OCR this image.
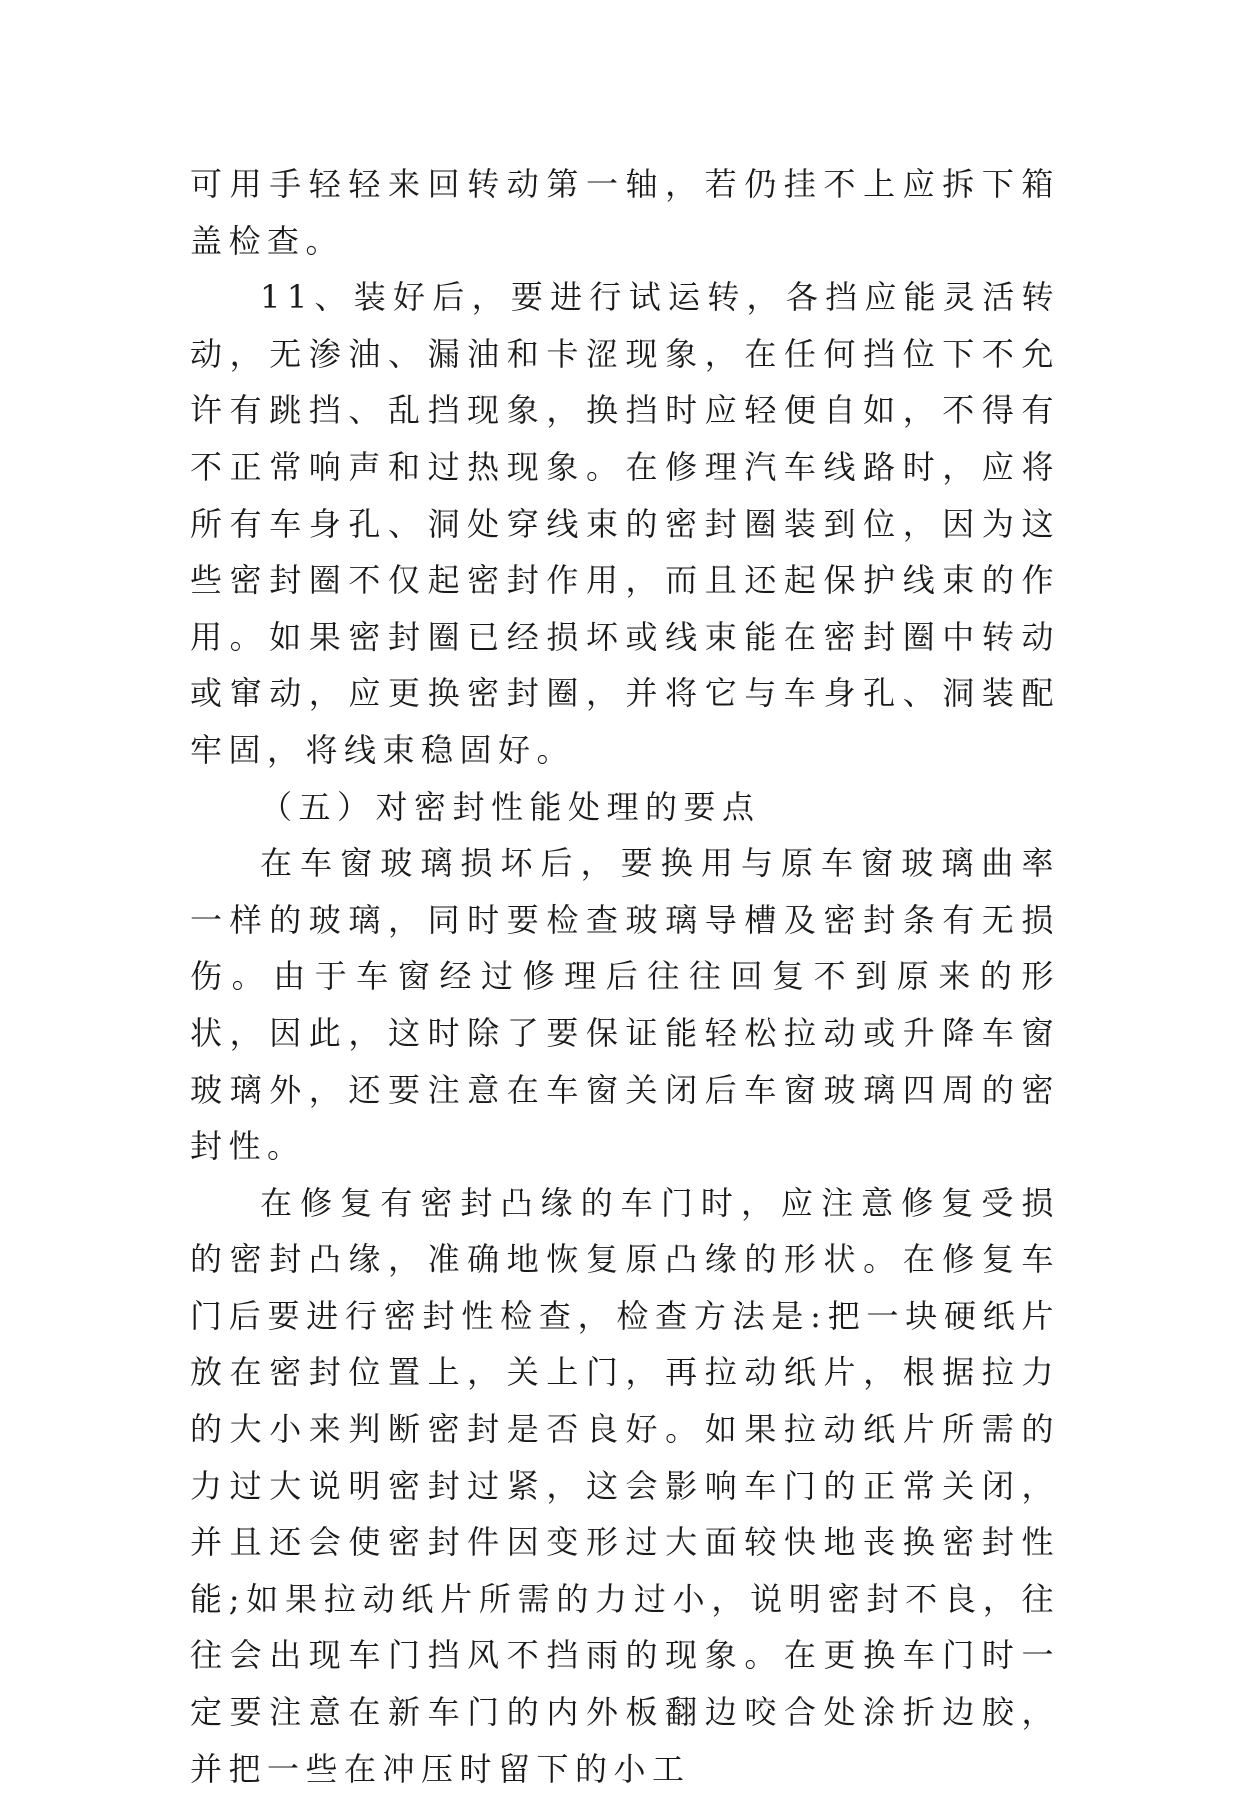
可用手轻轻来回转动第一轴，若仍挂不上应拆下箱盖检查。

11、装好后，要进行试运转，各挡应能灵活转动，无渗油、漏油和卡涩现象，在任何挡位下不允许有跳挡、乱挡现象，换挡时应轻便自如，不得有不正常响声和过热现象。在修理汽车线路时，应将所有车身孔、洞处穿线束的密封圈装到位，因为这些密封圈不仅起密封作用，而且还起保护线束的作用。如果密封圈已经损坏或线束能在密封圈中转动或窜动，应更换密封圈，并将它与车身孔、洞装配牢固，将线束稳固好。

（五）对密封性能处理的要点

在车窗玻璃损坏后，要换用与原车窗玻璃曲率一样的玻璃，同时要检查玻璃导槽及密封条有无损伤。由于车窗经过修理后往往回复不到原来的形状，因此，这时除了要保证能轻松拉动或升降车窗玻璃外，还要注意在车窗关闭后车窗玻璃四周的密封性。

在修复有密封凸缘的车门时，应注意修复受损的密封凸缘，准确地恢复原凸缘的形状。在修复车门后要进行密封性检查，检查方法是:把一块硬纸片放在密封位置上，关上门，再拉动纸片，根据拉力的大小来判断密封是否良好。如果拉动纸片所需的力过大说明密封过紧，这会影响车门的正常关闭，并且还会使密封件因变形过大面较快地丧换密封性能;如果拉动纸片所需的力过小，说明密封不良，往往会出现车门挡风不挡雨的现象。在更换车门时一定要注意在新车门的内外板翻边咬合处涂折边胶，并把一些在冲压时留下的小工
